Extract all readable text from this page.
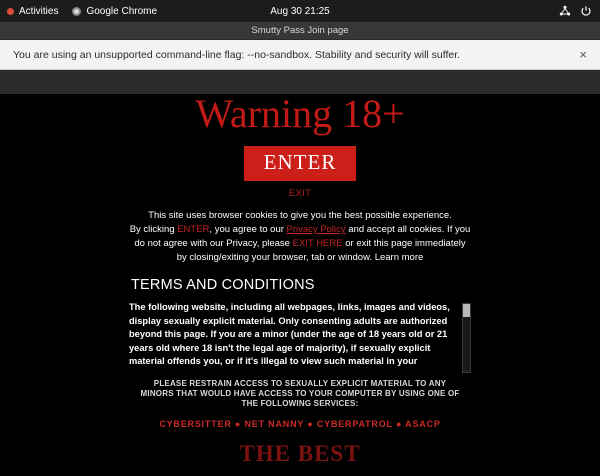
Activities	Google Chrome	Aug 30 21:25
Smutty Pass Join page
You are using an unsupported command-line flag: --no-sandbox. Stability and security will suffer.	×
Warning 18+
ENTER
EXIT
This site uses browser cookies to give you the best possible experience.
By clicking ENTER, you agree to our Privacy Policy and accept all cookies. If you
do not agree with our Privacy, please EXIT HERE or exit this page immediately
by closing/exiting your browser, tab or window. Learn more
TERMS AND CONDITIONS

The following website, including all webpages, links, images and videos, display sexually explicit material. Only consenting adults are authorized beyond this page. If you are a minor (under the age of 18 years old or 21 years old where 18 isn't the legal age of majority), if sexually explicit material offends you, or if it's illegal to view such material in your

PLEASE RESTRAIN ACCESS TO SEXUALLY EXPLICIT MATERIAL TO ANY
MINORS THAT WOULD HAVE ACCESS TO YOUR COMPUTER BY USING ONE OF
THE FOLLOWING SERVICES:
CYBERSITTER ● NET NANNY ● CYBERPATROL ● ASACP
THE BEST
